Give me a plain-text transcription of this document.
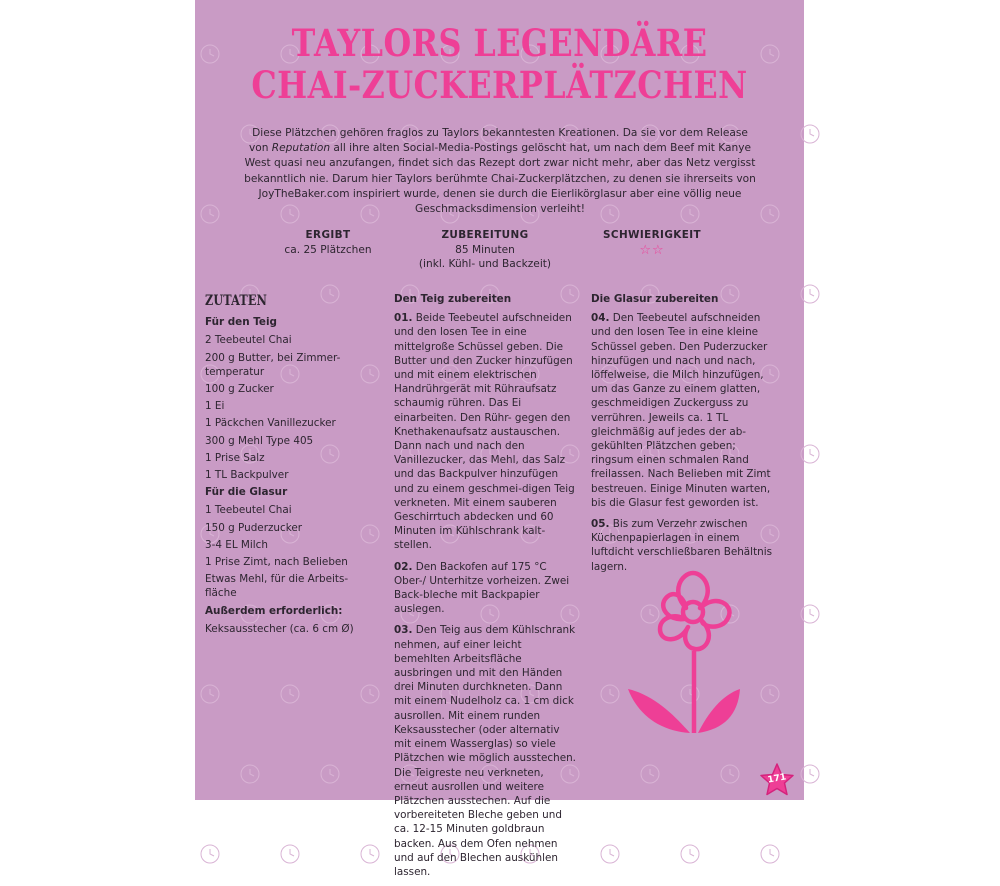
TAYLORS LEGENDÄRE
CHAI-ZUCKERPLÄTZCHEN
Diese Plätzchen gehören fraglos zu Taylors bekanntesten Kreationen. Da sie vor dem Release von Reputation all ihre alten Social-Media-Postings gelöscht hat, um nach dem Beef mit Kanye West quasi neu anzufangen, findet sich das Rezept dort zwar nicht mehr, aber das Netz vergisst bekanntlich nie. Darum hier Taylors berühmte Chai-Zuckerplätzchen, zu denen sie ihrerseits von JoyTheBaker.com inspiriert wurde, denen sie durch die Eierlikörglasur aber eine völlig neue Geschmacksdimension verleiht!
ERGIBT
ca. 25 Plätzchen
ZUBEREITUNG
85 Minuten
(inkl. Kühl- und Backzeit)
SCHWIERIGKEIT
☆☆
ZUTATEN
Für den Teig
2 Teebeutel Chai
200 g Butter, bei Zimmer-temperatur
100 g Zucker
1 Ei
1 Päckchen Vanillezucker
300 g Mehl Type 405
1 Prise Salz
1 TL Backpulver
Für die Glasur
1 Teebeutel Chai
150 g Puderzucker
3-4 EL Milch
1 Prise Zimt, nach Belieben
Etwas Mehl, für die Arbeits-fläche
Außerdem erforderlich:
Keksausstecher (ca. 6 cm Ø)
Den Teig zubereiten
01. Beide Teebeutel aufschneiden und den losen Tee in eine mittelgroße Schüssel geben. Die Butter und den Zucker hinzufügen und mit einem elektrischen Handrührgerät mit Rühraufsatz schaumig rühren. Das Ei einarbeiten. Den Rühr- gegen den Knethakenaufsatz austauschen. Dann nach und nach den Vanillezucker, das Mehl, das Salz und das Backpulver hinzufügen und zu einem geschmei-digen Teig verkneten. Mit einem sauberen Geschirrtuch abdecken und 60 Minuten im Kühlschrank kalt-stellen.
02. Den Backofen auf 175 °C Ober-/ Unterhitze vorheizen. Zwei Back-bleche mit Backpapier auslegen.
03. Den Teig aus dem Kühlschrank nehmen, auf einer leicht bemehlten Arbeitsfläche ausbringen und mit den Händen drei Minuten durchkneten. Dann mit einem Nudelholz ca. 1 cm dick ausrollen. Mit einem runden Keksausstecher (oder alternativ mit einem Wasserglas) so viele Plätzchen wie möglich ausstechen. Die Teigreste neu verkneten, erneut ausrollen und weitere Plätzchen ausstechen. Auf die vorbereiteten Bleche geben und ca. 12-15 Minuten goldbraun backen. Aus dem Ofen nehmen und auf den Blechen auskühlen lassen.
Die Glasur zubereiten
04. Den Teebeutel aufschneiden und den losen Tee in eine kleine Schüssel geben. Den Puderzucker hinzufügen und nach und nach, löffelweise, die Milch hinzufügen, um das Ganze zu einem glatten, geschmeidigen Zuckerguss zu verrühren. Jeweils ca. 1 TL gleichmäßig auf jedes der ab-gekühlten Plätzchen geben; ringsum einen schmalen Rand freilassen. Nach Belieben mit Zimt bestreuen. Einige Minuten warten, bis die Glasur fest geworden ist.
05. Bis zum Verzehr zwischen Küchenpapierlagen in einem luftdicht verschließbaren Behältnis lagern.
171
